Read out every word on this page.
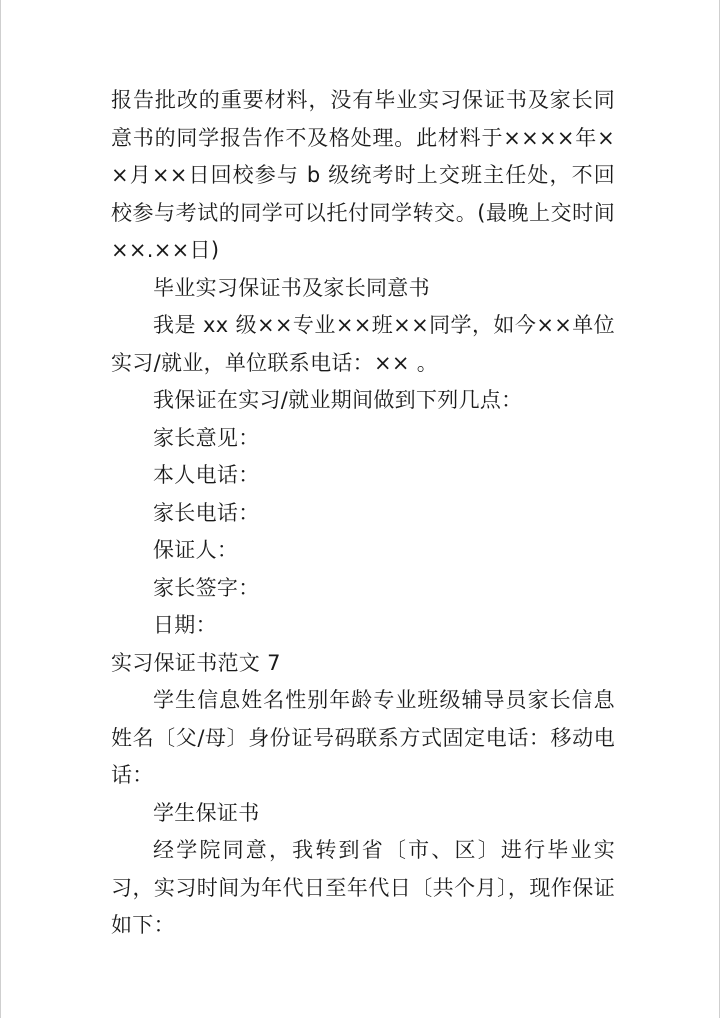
报告批改的重要材料，没有毕业实习保证书及家长同意书的同学报告作不及格处理。此材料于××××年××月××日回校参与 b 级统考时上交班主任处，不回校参与考试的同学可以托付同学转交。(最晚上交时间××.××日)

毕业实习保证书及家长同意书

我是 xx 级××专业××班××同学，如今××单位实习/就业，单位联系电话：×× 。

我保证在实习/就业期间做到下列几点：

家长意见：

本人电话：

家长电话：

保证人：

家长签字：

日期：

实习保证书范文 7

学生信息姓名性别年龄专业班级辅导员家长信息姓名〔父/母〕身份证号码联系方式固定电话：移动电话：

学生保证书

经学院同意，我转到省〔市、区〕进行毕业实习，实习时间为年代日至年代日〔共个月〕，现作保证如下：
